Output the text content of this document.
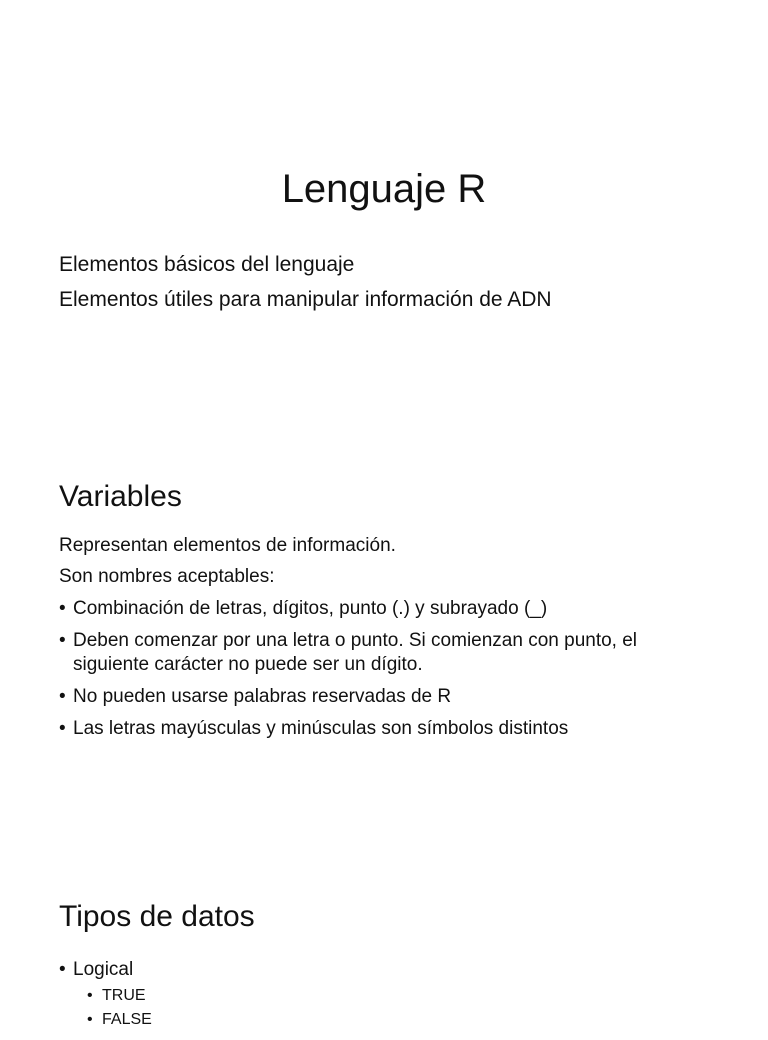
Lenguaje R
Elementos básicos del lenguaje
Elementos útiles para manipular información de ADN
Variables
Representan elementos de información.
Son nombres aceptables:
• Combinación de letras, dígitos, punto (.) y subrayado (_)
• Deben comenzar por una letra o punto. Si comienzan con punto, el siguiente carácter no puede ser un dígito.
• No pueden usarse palabras reservadas de R
• Las letras mayúsculas y minúsculas son símbolos distintos
Tipos de datos
• Logical
• TRUE
• FALSE
